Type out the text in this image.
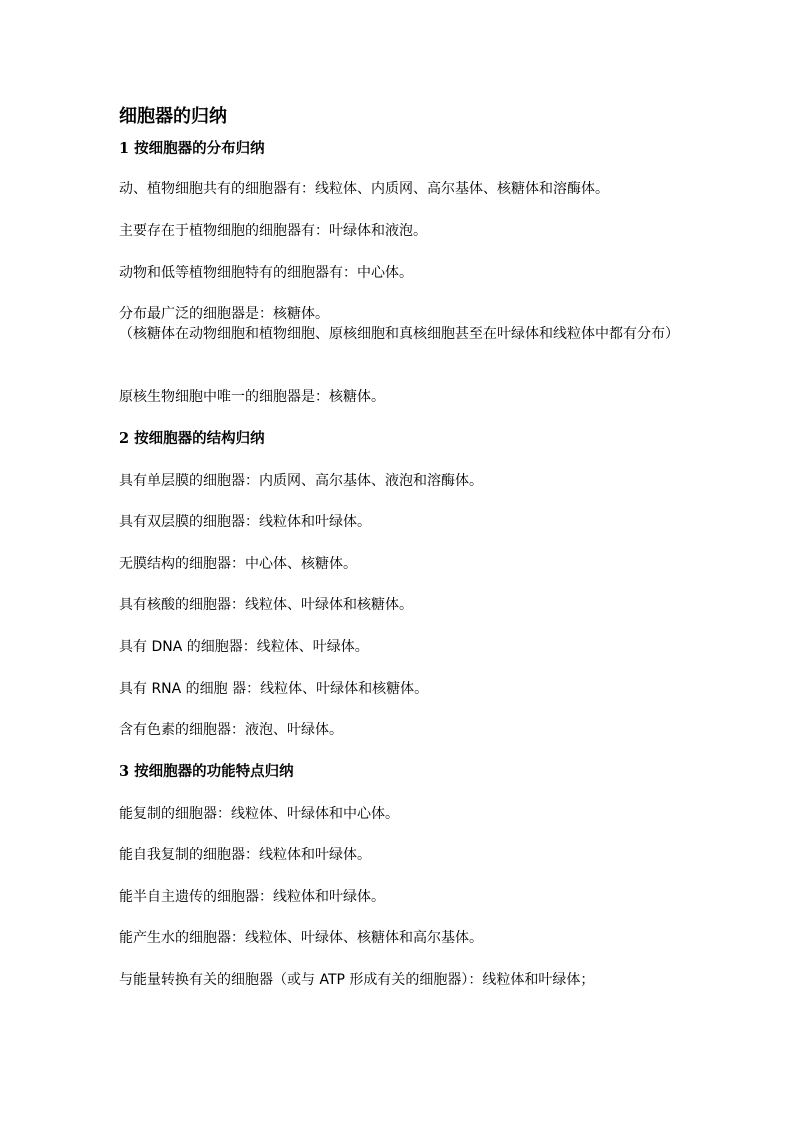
细胞器的归纳
1 按细胞器的分布归纳

动、植物细胞共有的细胞器有：线粒体、内质网、高尔基体、核糖体和溶酶体。

主要存在于植物细胞的细胞器有：叶绿体和液泡。

动物和低等植物细胞特有的细胞器有：中心体。

分布最广泛的细胞器是：核糖体。

（核糖体在动物细胞和植物细胞、原核细胞和真核细胞甚至在叶绿体和线粒体中都有分布）

原核生物细胞中唯一的细胞器是：核糖体。

2 按细胞器的结构归纳

具有单层膜的细胞器：内质网、高尔基体、液泡和溶酶体。

具有双层膜的细胞器：线粒体和叶绿体。

无膜结构的细胞器：中心体、核糖体。

具有核酸的细胞器：线粒体、叶绿体和核糖体。

具有 DNA 的细胞器：线粒体、叶绿体。

具有 RNA 的细胞 器：线粒体、叶绿体和核糖体。

含有色素的细胞器：液泡、叶绿体。

3 按细胞器的功能特点归纳

能复制的细胞器：线粒体、叶绿体和中心体。

能自我复制的细胞器：线粒体和叶绿体。

能半自主遗传的细胞器：线粒体和叶绿体。

能产生水的细胞器：线粒体、叶绿体、核糖体和高尔基体。

与能量转换有关的细胞器（或与 ATP 形成有关的细胞器）：线粒体和叶绿体；
